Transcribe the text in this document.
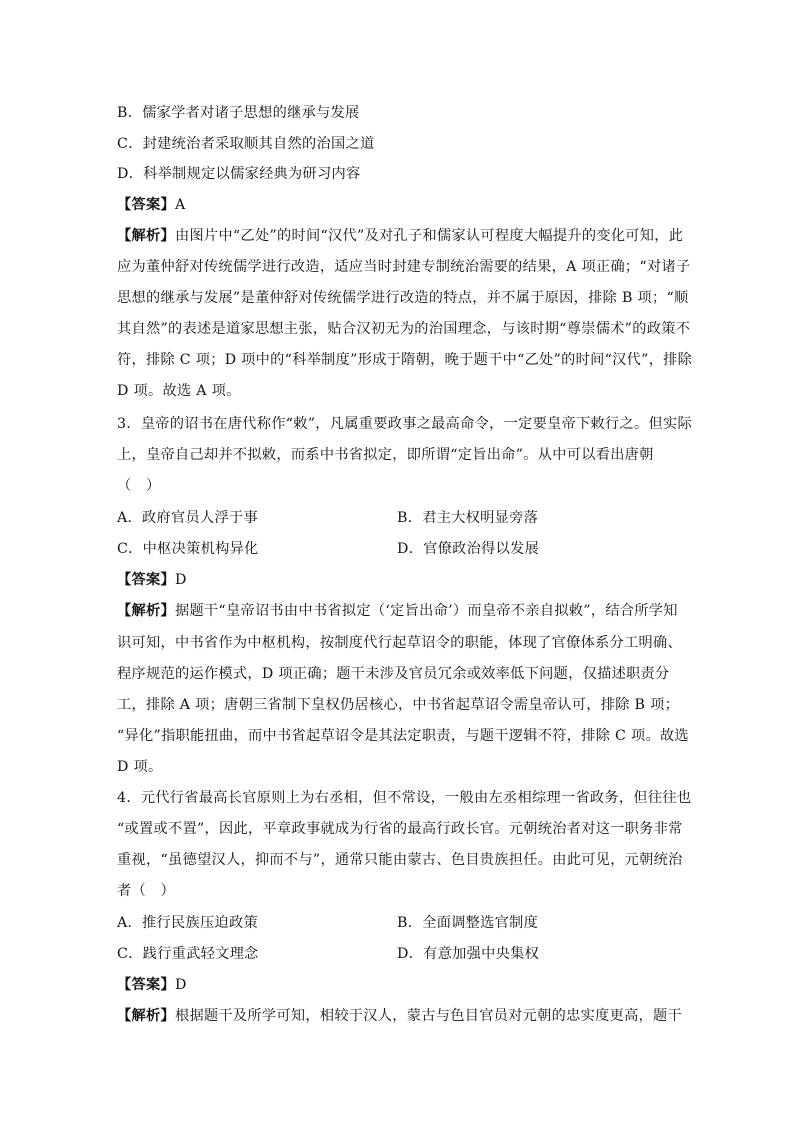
B．儒家学者对诸子思想的继承与发展
C．封建统治者采取顺其自然的治国之道
D．科举制规定以儒家经典为研习内容
【答案】A
【解析】由图片中“乙处”的时间“汉代”及对孔子和儒家认可程度大幅提升的变化可知，此
应为董仲舒对传统儒学进行改造，适应当时封建专制统治需要的结果，A 项正确；“对诸子
思想的继承与发展”是董仲舒对传统儒学进行改造的特点，并不属于原因，排除 B 项；“顺
其自然”的表述是道家思想主张，贴合汉初无为的治国理念，与该时期“尊崇儒术”的政策不
符，排除 C 项；D 项中的“科举制度”形成于隋朝，晚于题干中“乙处”的时间“汉代”，排除
D 项。故选 A 项。
3．皇帝的诏书在唐代称作“敕”，凡属重要政事之最高命令，一定要皇帝下敕行之。但实际
上，皇帝自己却并不拟敕，而系中书省拟定，即所谓“定旨出命”。从中可以看出唐朝
（　）
A．政府官员人浮于事	B．君主大权明显旁落
C．中枢决策机构异化	D．官僚政治得以发展
【答案】D
【解析】据题干“皇帝诏书由中书省拟定（‘定旨出命’）而皇帝不亲自拟敕”，结合所学知
识可知，中书省作为中枢机构，按制度代行起草诏令的职能，体现了官僚体系分工明确、
程序规范的运作模式，D 项正确；题干未涉及官员冗余或效率低下问题，仅描述职责分
工，排除 A 项；唐朝三省制下皇权仍居核心，中书省起草诏令需皇帝认可，排除 B 项；
“异化”指职能扭曲，而中书省起草诏令是其法定职责，与题干逻辑不符，排除 C 项。故选
D 项。
4．元代行省最高长官原则上为右丞相，但不常设，一般由左丞相综理一省政务，但往往也
“或置或不置”，因此，平章政事就成为行省的最高行政长官。元朝统治者对这一职务非常
重视，“虽德望汉人，抑而不与”，通常只能由蒙古、色目贵族担任。由此可见，元朝统治
者（　）
A．推行民族压迫政策	B．全面调整选官制度
C．践行重武轻文理念	D．有意加强中央集权
【答案】D
【解析】根据题干及所学可知，相较于汉人，蒙古与色目官员对元朝的忠实度更高，题干
